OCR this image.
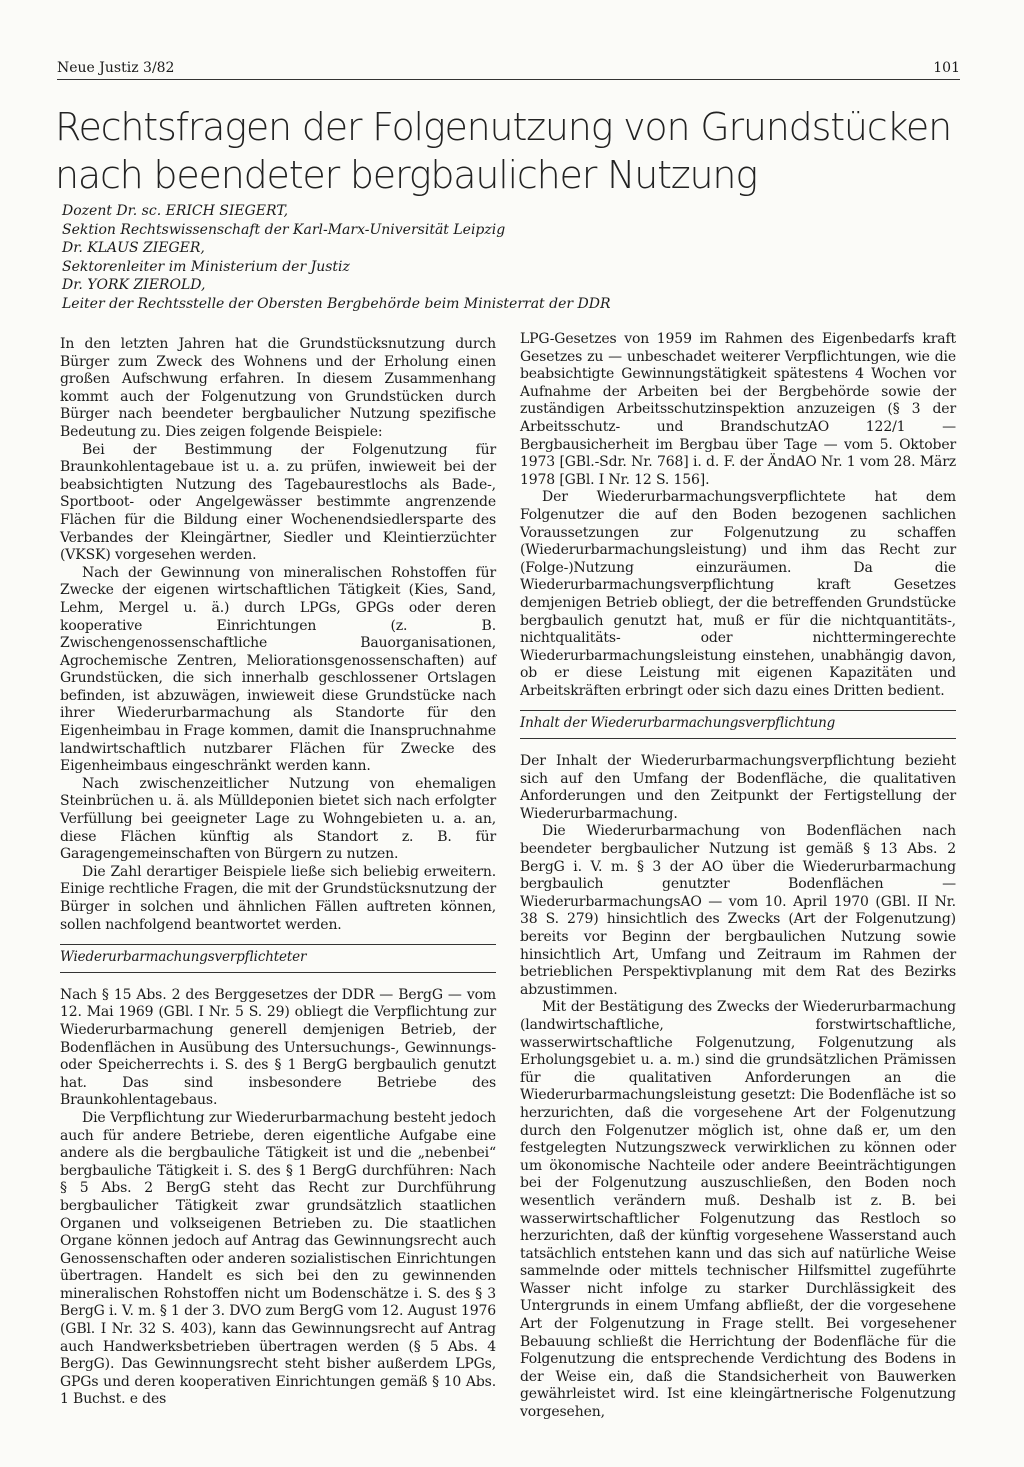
Neue Justiz 3/82	101
Rechtsfragen der Folgenutzung von Grundstücken nach beendeter bergbaulicher Nutzung
Dozent Dr. sc. ERICH SIEGERT,
Sektion Rechtswissenschaft der Karl-Marx-Universität Leipzig
Dr. KLAUS ZIEGER,
Sektorenleiter im Ministerium der Justiz
Dr. YORK ZIEROLD,
Leiter der Rechtsstelle der Obersten Bergbehörde beim Ministerrat der DDR

In den letzten Jahren hat die Grundstücksnutzung durch Bürger zum Zweck des Wohnens und der Erholung einen großen Aufschwung erfahren. In diesem Zusammenhang kommt auch der Folgenutzung von Grundstücken durch Bürger nach beendeter bergbaulicher Nutzung spezifische Bedeutung zu. Dies zeigen folgende Beispiele:

Bei der Bestimmung der Folgenutzung für Braunkohlentagebaue ist u. a. zu prüfen, inwieweit bei der beabsichtigten Nutzung des Tagebaurestlochs als Bade-, Sportboot- oder Angelgewässer bestimmte angrenzende Flächen für die Bildung einer Wochenendsiedlersparte des Verbandes der Kleingärtner, Siedler und Kleintierzüchter (VKSK) vorgesehen werden.

Nach der Gewinnung von mineralischen Rohstoffen für Zwecke der eigenen wirtschaftlichen Tätigkeit (Kies, Sand, Lehm, Mergel u. ä.) durch LPGs, GPGs oder deren kooperative Einrichtungen (z. B. Zwischengenossenschaftliche Bauorganisationen, Agrochemische Zentren, Meliorationsgenossenschaften) auf Grundstücken, die sich innerhalb geschlossener Ortslagen befinden, ist abzuwägen, inwieweit diese Grundstücke nach ihrer Wiederurbarmachung als Standorte für den Eigenheimbau in Frage kommen, damit die Inanspruchnahme landwirtschaftlich nutzbarer Flächen für Zwecke des Eigenheimbaus eingeschränkt werden kann.

Nach zwischenzeitlicher Nutzung von ehemaligen Steinbrüchen u. ä. als Mülldeponien bietet sich nach erfolgter Verfüllung bei geeigneter Lage zu Wohngebieten u. a. an, diese Flächen künftig als Standort z. B. für Garagengemeinschaften von Bürgern zu nutzen.

Die Zahl derartiger Beispiele ließe sich beliebig erweitern. Einige rechtliche Fragen, die mit der Grundstücksnutzung der Bürger in solchen und ähnlichen Fällen auftreten können, sollen nachfolgend beantwortet werden.

Wiederurbarmachungsverpflichteter

Nach § 15 Abs. 2 des Berggesetzes der DDR — BergG — vom 12. Mai 1969 (GBl. I Nr. 5 S. 29) obliegt die Verpflichtung zur Wiederurbarmachung generell demjenigen Betrieb, der Bodenflächen in Ausübung des Untersuchungs-, Gewinnungs- oder Speicherrechts i. S. des § 1 BergG bergbaulich genutzt hat. Das sind insbesondere Betriebe des Braunkohlentagebaus.

Die Verpflichtung zur Wiederurbarmachung besteht jedoch auch für andere Betriebe, deren eigentliche Aufgabe eine andere als die bergbauliche Tätigkeit ist und die „nebenbei“ bergbauliche Tätigkeit i. S. des § 1 BergG durchführen: Nach § 5 Abs. 2 BergG steht das Recht zur Durchführung bergbaulicher Tätigkeit zwar grundsätzlich staatlichen Organen und volkseigenen Betrieben zu. Die staatlichen Organe können jedoch auf Antrag das Gewinnungsrecht auch Genossenschaften oder anderen sozialistischen Einrichtungen übertragen. Handelt es sich bei den zu gewinnenden mineralischen Rohstoffen nicht um Bodenschätze i. S. des § 3 BergG i. V. m. § 1 der 3. DVO zum BergG vom 12. August 1976 (GBl. I Nr. 32 S. 403), kann das Gewinnungsrecht auf Antrag auch Handwerksbetrieben übertragen werden (§ 5 Abs. 4 BergG). Das Gewinnungsrecht steht bisher außerdem LPGs, GPGs und deren kooperativen Einrichtungen gemäß § 10 Abs. 1 Buchst. e des

LPG-Gesetzes von 1959 im Rahmen des Eigenbedarfs kraft Gesetzes zu — unbeschadet weiterer Verpflichtungen, wie die beabsichtigte Gewinnungstätigkeit spätestens 4 Wochen vor Aufnahme der Arbeiten bei der Bergbehörde sowie der zuständigen Arbeitsschutzinspektion anzuzeigen (§ 3 der Arbeitsschutz- und BrandschutzAO 122/1 — Bergbausicherheit im Bergbau über Tage — vom 5. Oktober 1973 [GBl.-Sdr. Nr. 768] i. d. F. der ÄndAO Nr. 1 vom 28. März 1978 [GBl. I Nr. 12 S. 156].

Der Wiederurbarmachungsverpflichtete hat dem Folgenutzer die auf den Boden bezogenen sachlichen Voraussetzungen zur Folgenutzung zu schaffen (Wiederurbarmachungsleistung) und ihm das Recht zur (Folge-)Nutzung einzuräumen. Da die Wiederurbarmachungsverpflichtung kraft Gesetzes demjenigen Betrieb obliegt, der die betreffenden Grundstücke bergbaulich genutzt hat, muß er für die nichtquantitäts-, nichtqualitäts- oder nichttermingerechte Wiederurbarmachungsleistung einstehen, unabhängig davon, ob er diese Leistung mit eigenen Kapazitäten und Arbeitskräften erbringt oder sich dazu eines Dritten bedient.

Inhalt der Wiederurbarmachungsverpflichtung

Der Inhalt der Wiederurbarmachungsverpflichtung bezieht sich auf den Umfang der Bodenfläche, die qualitativen Anforderungen und den Zeitpunkt der Fertigstellung der Wiederurbarmachung.

Die Wiederurbarmachung von Bodenflächen nach beendeter bergbaulicher Nutzung ist gemäß § 13 Abs. 2 BergG i. V. m. § 3 der AO über die Wiederurbarmachung bergbaulich genutzter Bodenflächen — WiederurbarmachungsAO — vom 10. April 1970 (GBl. II Nr. 38 S. 279) hinsichtlich des Zwecks (Art der Folgenutzung) bereits vor Beginn der bergbaulichen Nutzung sowie hinsichtlich Art, Umfang und Zeitraum im Rahmen der betrieblichen Perspektivplanung mit dem Rat des Bezirks abzustimmen.

Mit der Bestätigung des Zwecks der Wiederurbarmachung (landwirtschaftliche, forstwirtschaftliche, wasserwirtschaftliche Folgenutzung, Folgenutzung als Erholungsgebiet u. a. m.) sind die grundsätzlichen Prämissen für die qualitativen Anforderungen an die Wiederurbarmachungsleistung gesetzt: Die Bodenfläche ist so herzurichten, daß die vorgesehene Art der Folgenutzung durch den Folgenutzer möglich ist, ohne daß er, um den festgelegten Nutzungszweck verwirklichen zu können oder um ökonomische Nachteile oder andere Beeinträchtigungen bei der Folgenutzung auszuschließen, den Boden noch wesentlich verändern muß. Deshalb ist z. B. bei wasserwirtschaftlicher Folgenutzung das Restloch so herzurichten, daß der künftig vorgesehene Wasserstand auch tatsächlich entstehen kann und das sich auf natürliche Weise sammelnde oder mittels technischer Hilfsmittel zugeführte Wasser nicht infolge zu starker Durchlässigkeit des Untergrunds in einem Umfang abfließt, der die vorgesehene Art der Folgenutzung in Frage stellt. Bei vorgesehener Bebauung schließt die Herrichtung der Bodenfläche für die Folgenutzung die entsprechende Verdichtung des Bodens in der Weise ein, daß die Standsicherheit von Bauwerken gewährleistet wird. Ist eine kleingärtnerische Folgenutzung vorgesehen,
